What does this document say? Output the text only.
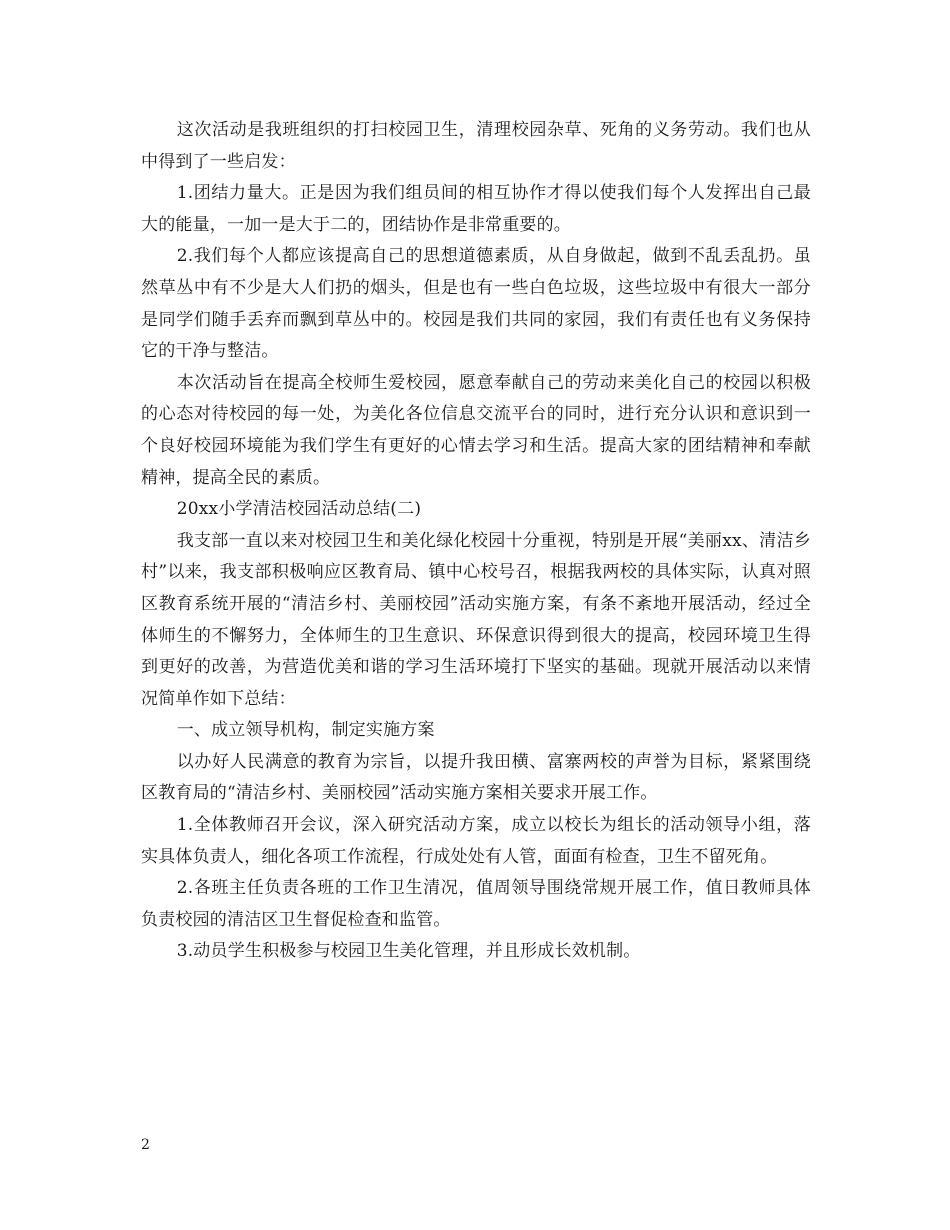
这次活动是我班组织的打扫校园卫生，清理校园杂草、死角的义务劳动。我们也从中得到了一些启发：

1.团结力量大。正是因为我们组员间的相互协作才得以使我们每个人发挥出自己最大的能量，一加一是大于二的，团结协作是非常重要的。

2.我们每个人都应该提高自己的思想道德素质，从自身做起，做到不乱丢乱扔。虽然草丛中有不少是大人们扔的烟头，但是也有一些白色垃圾，这些垃圾中有很大一部分是同学们随手丢弃而飘到草丛中的。校园是我们共同的家园，我们有责任也有义务保持它的干净与整洁。

本次活动旨在提高全校师生爱校园，愿意奉献自己的劳动来美化自己的校园以积极的心态对待校园的每一处，为美化各位信息交流平台的同时，进行充分认识和意识到一个良好校园环境能为我们学生有更好的心情去学习和生活。提高大家的团结精神和奉献精神，提高全民的素质。

20xx小学清洁校园活动总结(二)

我支部一直以来对校园卫生和美化绿化校园十分重视，特别是开展“美丽xx、清洁乡村”以来，我支部积极响应区教育局、镇中心校号召，根据我两校的具体实际，认真对照区教育系统开展的“清洁乡村、美丽校园”活动实施方案，有条不紊地开展活动，经过全体师生的不懈努力，全体师生的卫生意识、环保意识得到很大的提高，校园环境卫生得到更好的改善，为营造优美和谐的学习生活环境打下坚实的基础。现就开展活动以来情况简单作如下总结：

一、成立领导机构，制定实施方案

以办好人民满意的教育为宗旨，以提升我田横、富寨两校的声誉为目标，紧紧围绕区教育局的“清洁乡村、美丽校园”活动实施方案相关要求开展工作。

1.全体教师召开会议，深入研究活动方案，成立以校长为组长的活动领导小组，落实具体负责人，细化各项工作流程，行成处处有人管，面面有检查，卫生不留死角。

2.各班主任负责各班的工作卫生清况，值周领导围绕常规开展工作，值日教师具体负责校园的清洁区卫生督促检查和监管。

3.动员学生积极参与校园卫生美化管理，并且形成长效机制。

2
